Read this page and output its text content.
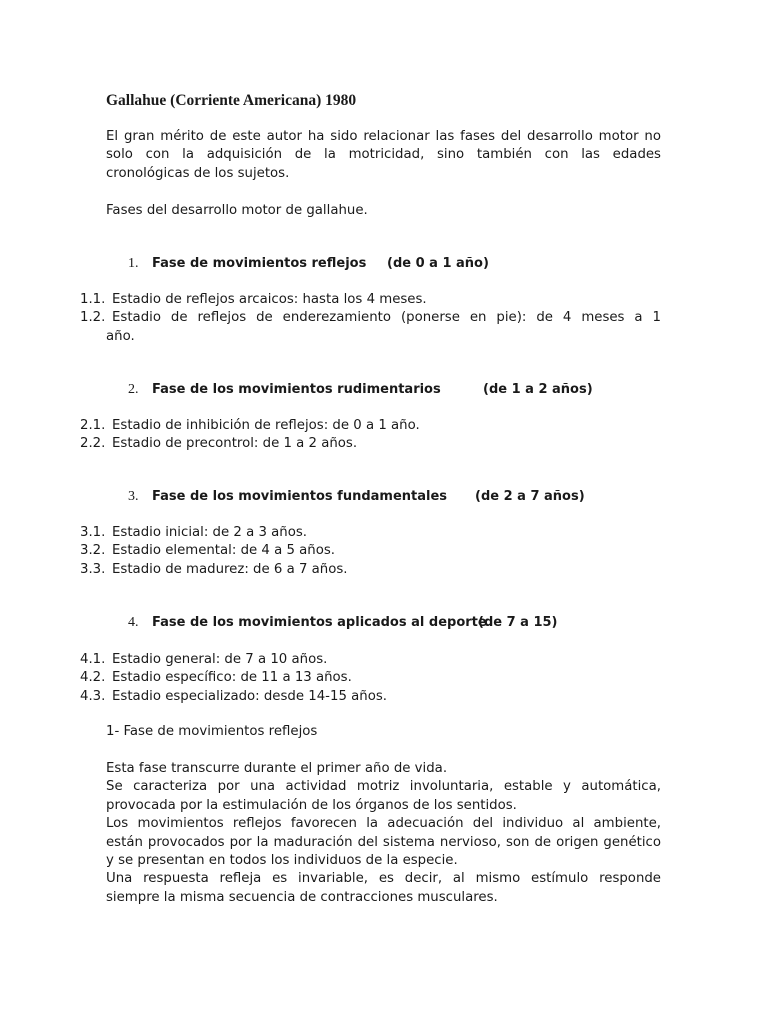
Gallahue (Corriente Americana) 1980

El gran mérito de este autor ha sido relacionar las fases del desarrollo motor no
solo con la adquisición de la motricidad, sino también con las edades
cronológicas de los sujetos.

Fases del desarrollo motor de gallahue.

1. Fase de movimientos reflejos (de 0 a 1 año)
1.1. Estadio de reflejos arcaicos: hasta los 4 meses.
1.2. Estadio de reflejos de enderezamiento (ponerse en pie): de 4 meses a 1
año.
2. Fase de los movimientos rudimentarios	(de 1 a 2 años)
2.1. Estadio de inhibición de reflejos: de 0 a 1 año.
2.2. Estadio de precontrol: de 1 a 2 años.
3. Fase de los movimientos fundamentales (de 2 a 7 años)
3.1. Estadio inicial: de 2 a 3 años.
3.2. Estadio elemental: de 4 a 5 años.
3.3. Estadio de madurez: de 6 a 7 años.
4. Fase de los movimientos aplicados al deporte
(de 7 a 15)
4.1. Estadio general: de 7 a 10 años.
4.2. Estadio específico: de 11 a 13 años.
4.3. Estadio especializado: desde 14-15 años.

1- Fase de movimientos reflejos

Esta fase transcurre durante el primer año de vida.
Se caracteriza por una actividad motriz involuntaria, estable y automática,
provocada por la estimulación de los órganos de los sentidos.
Los movimientos reflejos favorecen la adecuación del individuo al ambiente,
están provocados por la maduración del sistema nervioso, son de origen genético
y se presentan en todos los individuos de la especie.
Una respuesta refleja es invariable, es decir, al mismo estímulo responde
siempre la misma secuencia de contracciones musculares.
